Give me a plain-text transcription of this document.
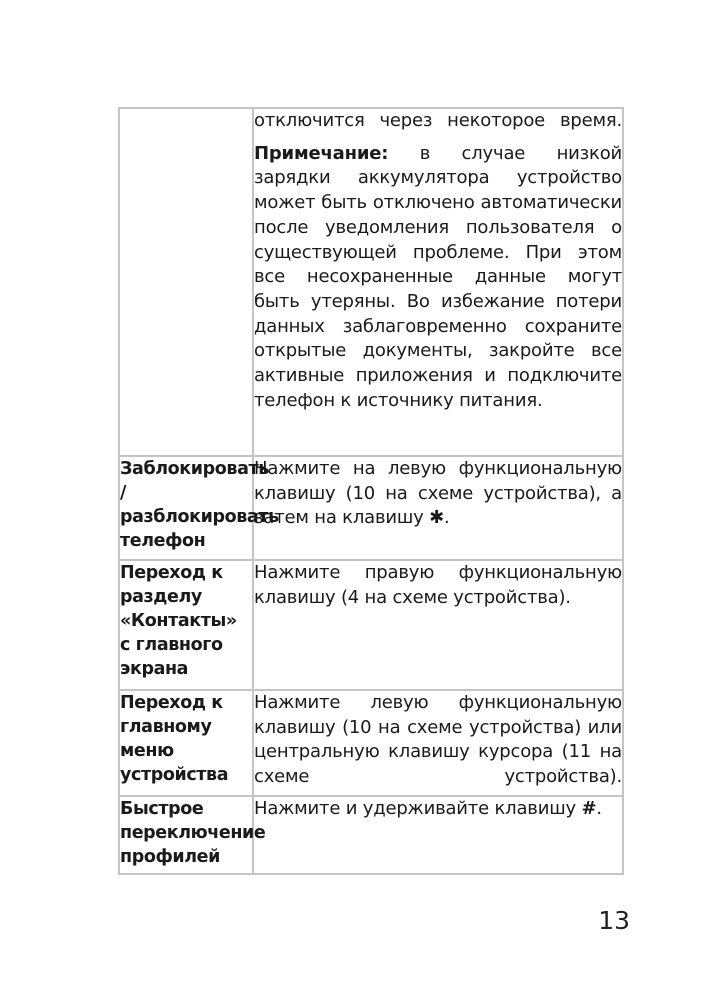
	отключится через некоторое время.

Примечание: в случае низкой зарядки аккумулятора устройство может быть отключено автоматически после уведомления пользователя о существующей проблеме. При этом все несохраненные данные могут быть утеряны. Во избежание потери данных заблаговременно сохраните открытые документы, закройте все активные приложения и подключите телефон к источнику питания.

Заблокировать /разблокировать телефон	Нажмите на левую функциональную клавишу (10 на схеме устройства), а затем на клавишу ✱.

Переход к разделу «Контакты» с главного экрана	Нажмите правую функциональную клавишу (4 на схеме устройства).

Переход к главному меню устройства	Нажмите левую функциональную клавишу (10 на схеме устройства) или центральную клавишу курсора (11 на схеме устройства).

Быстрое переключение профилей	Нажмите и удерживайте клавишу #.

13
